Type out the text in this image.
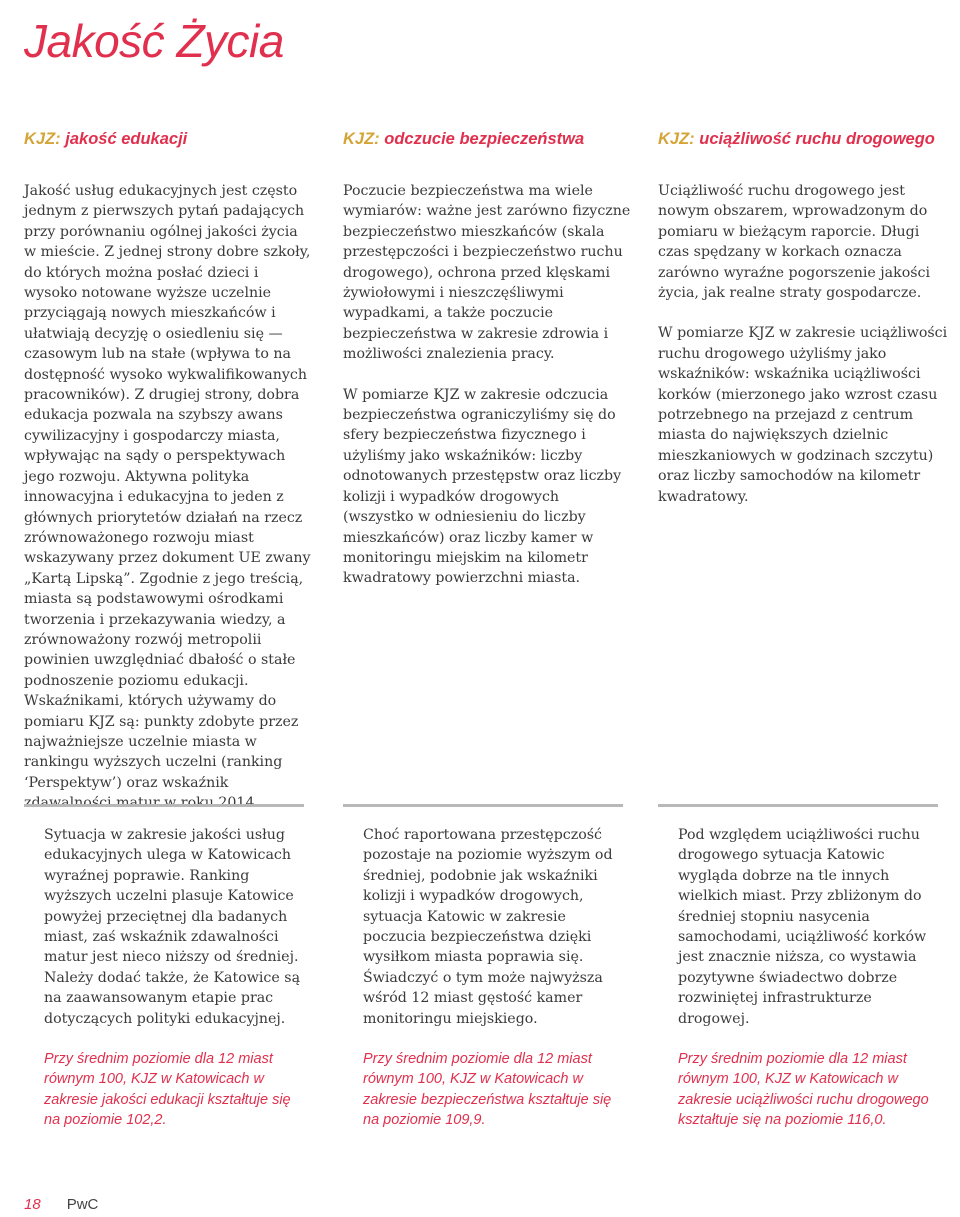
Jakość Życia
KJZ: jakość edukacji

Jakość usług edukacyjnych jest często jednym z pierwszych pytań padających przy porównaniu ogólnej jakości życia w mieście. Z jednej strony dobre szkoły, do których można posłać dzieci i wysoko notowane wyższe uczelnie przyciągają nowych mieszkańców i ułatwiają decyzję o osiedleniu się — czasowym lub na stałe (wpływa to na dostępność wysoko wykwalifikowanych pracowników). Z drugiej strony, dobra edukacja pozwala na szybszy awans cywilizacyjny i gospodarczy miasta, wpływając na sądy o perspektywach jego rozwoju. Aktywna polityka innowacyjna i edukacyjna to jeden z głównych priorytetów działań na rzecz zrównoważonego rozwoju miast wskazywany przez dokument UE zwany „Kartą Lipską”. Zgodnie z jego treścią, miasta są podstawowymi ośrodkami tworzenia i przekazywania wiedzy, a zrównoważony rozwój metropolii powinien uwzględniać dbałość o stałe podnoszenie poziomu edukacji. Wskaźnikami, których używamy do pomiaru KJZ są: punkty zdobyte przez najważniejsze uczelnie miasta w rankingu wyższych uczelni (ranking ‘Perspektyw’) oraz wskaźnik

KJZ: odczucie bezpieczeństwa

Poczucie bezpieczeństwa ma wiele wymiarów: ważne jest zarówno fizyczne bezpieczeństwo mieszkańców (skala przestępczości i bezpieczeństwo ruchu drogowego), ochrona przed klęskami żywiołowymi i nieszczęśliwymi wypadkami, a także poczucie bezpieczeństwa w zakresie zdrowia i możliwości znalezienia pracy.

W pomiarze KJZ w zakresie odczucia bezpieczeństwa ograniczyliśmy się do sfery bezpieczeństwa fizycznego i użyliśmy jako wskaźników: liczby odnotowanych przestępstw oraz liczby kolizji i wypadków drogowych (wszystko w odniesieniu do liczby mieszkańców) oraz liczby kamer w monitoringu miejskim na kilometr kwadratowy powierzchni miasta.

KJZ: uciążliwość ruchu drogowego

Uciążliwość ruchu drogowego jest nowym obszarem, wprowadzonym do pomiaru w bieżącym raporcie. Długi czas spędzany w korkach oznacza zarówno wyraźne pogorszenie jakości życia, jak realne straty gospodarcze.

W pomiarze KJZ w zakresie uciążliwości ruchu drogowego użyliśmy jako wskaźników: wskaźnika uciążliwości korków (mierzonego jako wzrost czasu potrzebnego na przejazd z centrum miasta do największych dzielnic mieszkaniowych w godzinach szczytu) oraz liczby samochodów na kilometr kwadratowy.

Sytuacja w zakresie jakości usług edukacyjnych ulega w Katowicach wyraźnej poprawie. Ranking wyższych uczelni plasuje Katowice powyżej przeciętnej dla badanych miast, zaś wskaźnik zdawalności matur jest nieco niższy od średniej. Należy dodać także, że Katowice są na zaawansowanym etapie prac dotyczących polityki edukacyjnej.

Przy średnim poziomie dla 12 miast równym 100, KJZ w Katowicach w zakresie jakości edukacji kształtuje się na poziomie 102,2.

Choć raportowana przestępczość pozostaje na poziomie wyższym od średniej, podobnie jak wskaźniki kolizji i wypadków drogowych, sytuacja Katowic w zakresie poczucia bezpieczeństwa dzięki wysiłkom miasta poprawia się. Świadczyć o tym może najwyższa wśród 12 miast gęstość kamer monitoringu miejskiego.

Przy średnim poziomie dla 12 miast równym 100, KJZ w Katowicach w zakresie bezpieczeństwa kształtuje się na poziomie 109,9.

Pod względem uciążliwości ruchu drogowego sytuacja Katowic wygląda dobrze na tle innych wielkich miast. Przy zbliżonym do średniej stopniu nasycenia samochodami, uciążliwość korków jest znacznie niższa, co wystawia pozytywne świadectwo dobrze rozwiniętej infrastrukturze drogowej.

Przy średnim poziomie dla 12 miast równym 100, KJZ w Katowicach w zakresie uciążliwości ruchu drogowego kształtuje się na poziomie 116,0.

18 PwC
